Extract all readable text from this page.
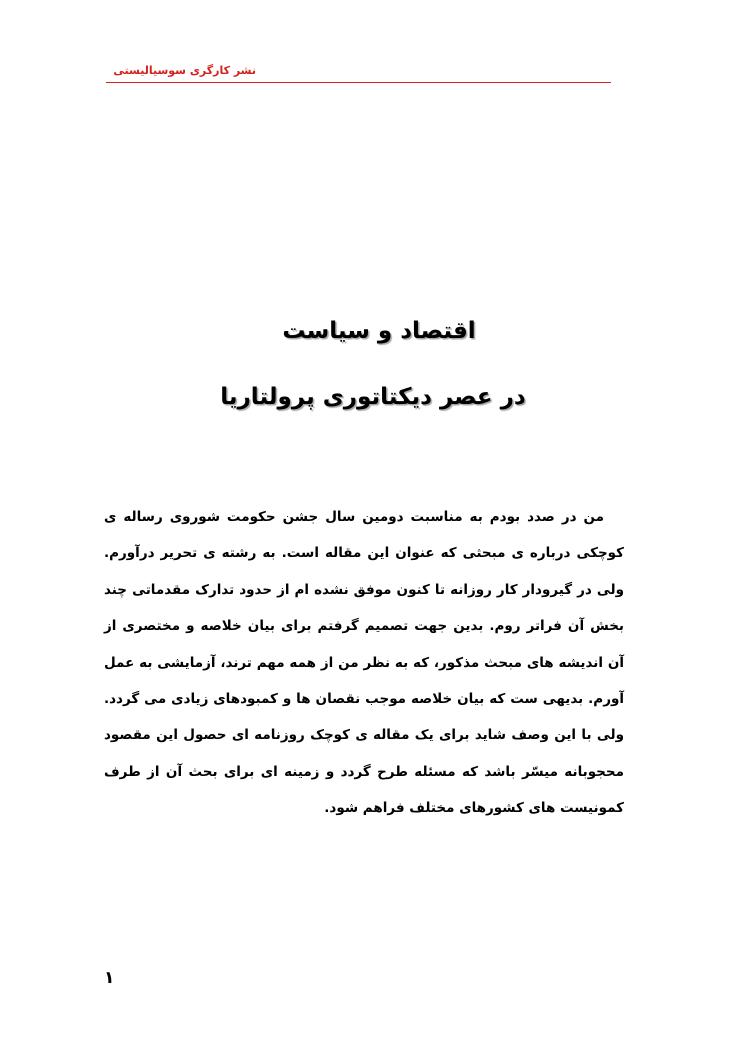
نشر کارگری سوسیالیستی
اقتصاد و سیاست
در عصر دیکتاتوری پرولتاریا

من در صدد بودم به مناسبت دومین سال جشن حکومت شوروی رساله ی کوچکی درباره ی مبحثی که عنوان این مقاله است. به رشته ی تحریر درآورم. ولی در گیرودار کار روزانه تا کنون موفق نشده ام از حدود تدارک مقدماتی چند بخش آن فراتر روم. بدین جهت تصمیم گرفتم برای بیان خلاصه و مختصری از آن اندیشه های مبحث مذکور، که به نظر من از همه مهم ترند، آزمایشی به عمل آورم. بدیهی ست که بیان خلاصه موجب نقصان ها و کمبودهای زیادی می گردد. ولی با این وصف شاید برای یک مقاله ی کوچک روزنامه ای حصول این مقصود محجوبانه میسّر باشد که مسئله طرح گردد و زمینه ای برای بحث آن از طرف کمونیست های کشورهای مختلف فراهم شود.

۱
